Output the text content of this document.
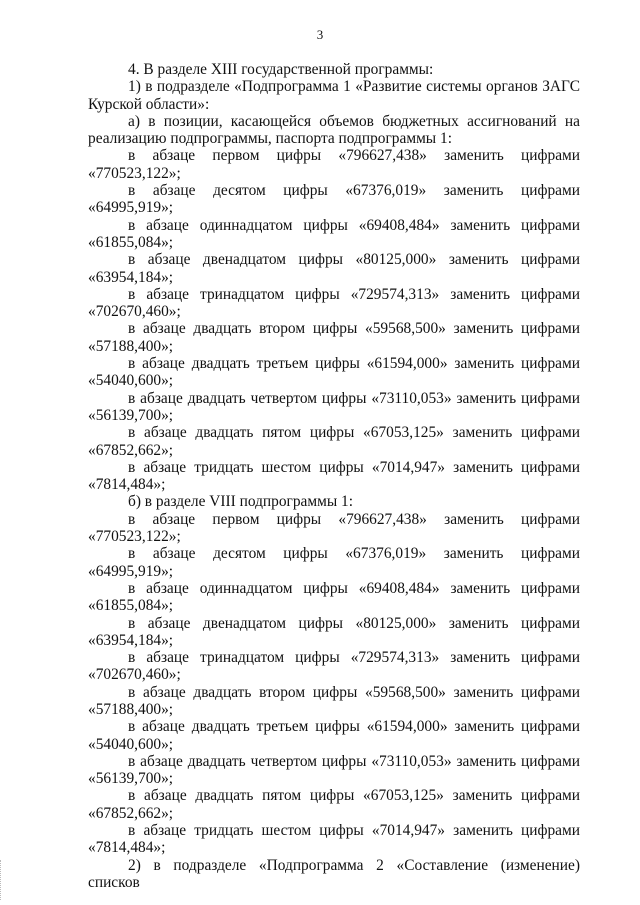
3

4. В разделе XIII государственной программы:

1) в подразделе «Подпрограмма 1 «Развитие системы органов ЗАГС Курской области»:

а) в позиции, касающейся объемов бюджетных ассигнований на реализацию подпрограммы, паспорта подпрограммы 1:

в абзаце первом цифры «796627,438» заменить цифрами «770523,122»;

в абзаце десятом цифры «67376,019» заменить цифрами «64995,919»;

в абзаце одиннадцатом цифры «69408,484» заменить цифрами «61855,084»;

в абзаце двенадцатом цифры «80125,000» заменить цифрами «63954,184»;

в абзаце тринадцатом цифры «729574,313» заменить цифрами «702670,460»;

в абзаце двадцать втором цифры «59568,500» заменить цифрами «57188,400»;

в абзаце двадцать третьем цифры «61594,000» заменить цифрами «54040,600»;

в абзаце двадцать четвертом цифры «73110,053» заменить цифрами «56139,700»;

в абзаце двадцать пятом цифры «67053,125» заменить цифрами «67852,662»;

в абзаце тридцать шестом цифры «7014,947» заменить цифрами «7814,484»;

б) в разделе VIII подпрограммы 1:

в абзаце первом цифры «796627,438» заменить цифрами «770523,122»;

в абзаце десятом цифры «67376,019» заменить цифрами «64995,919»;

в абзаце одиннадцатом цифры «69408,484» заменить цифрами «61855,084»;

в абзаце двенадцатом цифры «80125,000» заменить цифрами «63954,184»;

в абзаце тринадцатом цифры «729574,313» заменить цифрами «702670,460»;

в абзаце двадцать втором цифры «59568,500» заменить цифрами «57188,400»;

в абзаце двадцать третьем цифры «61594,000» заменить цифрами «54040,600»;

в абзаце двадцать четвертом цифры «73110,053» заменить цифрами «56139,700»;

в абзаце двадцать пятом цифры «67053,125» заменить цифрами «67852,662»;

в абзаце тридцать шестом цифры «7014,947» заменить цифрами «7814,484»;

2) в подразделе «Подпрограмма 2 «Составление (изменение) списков
